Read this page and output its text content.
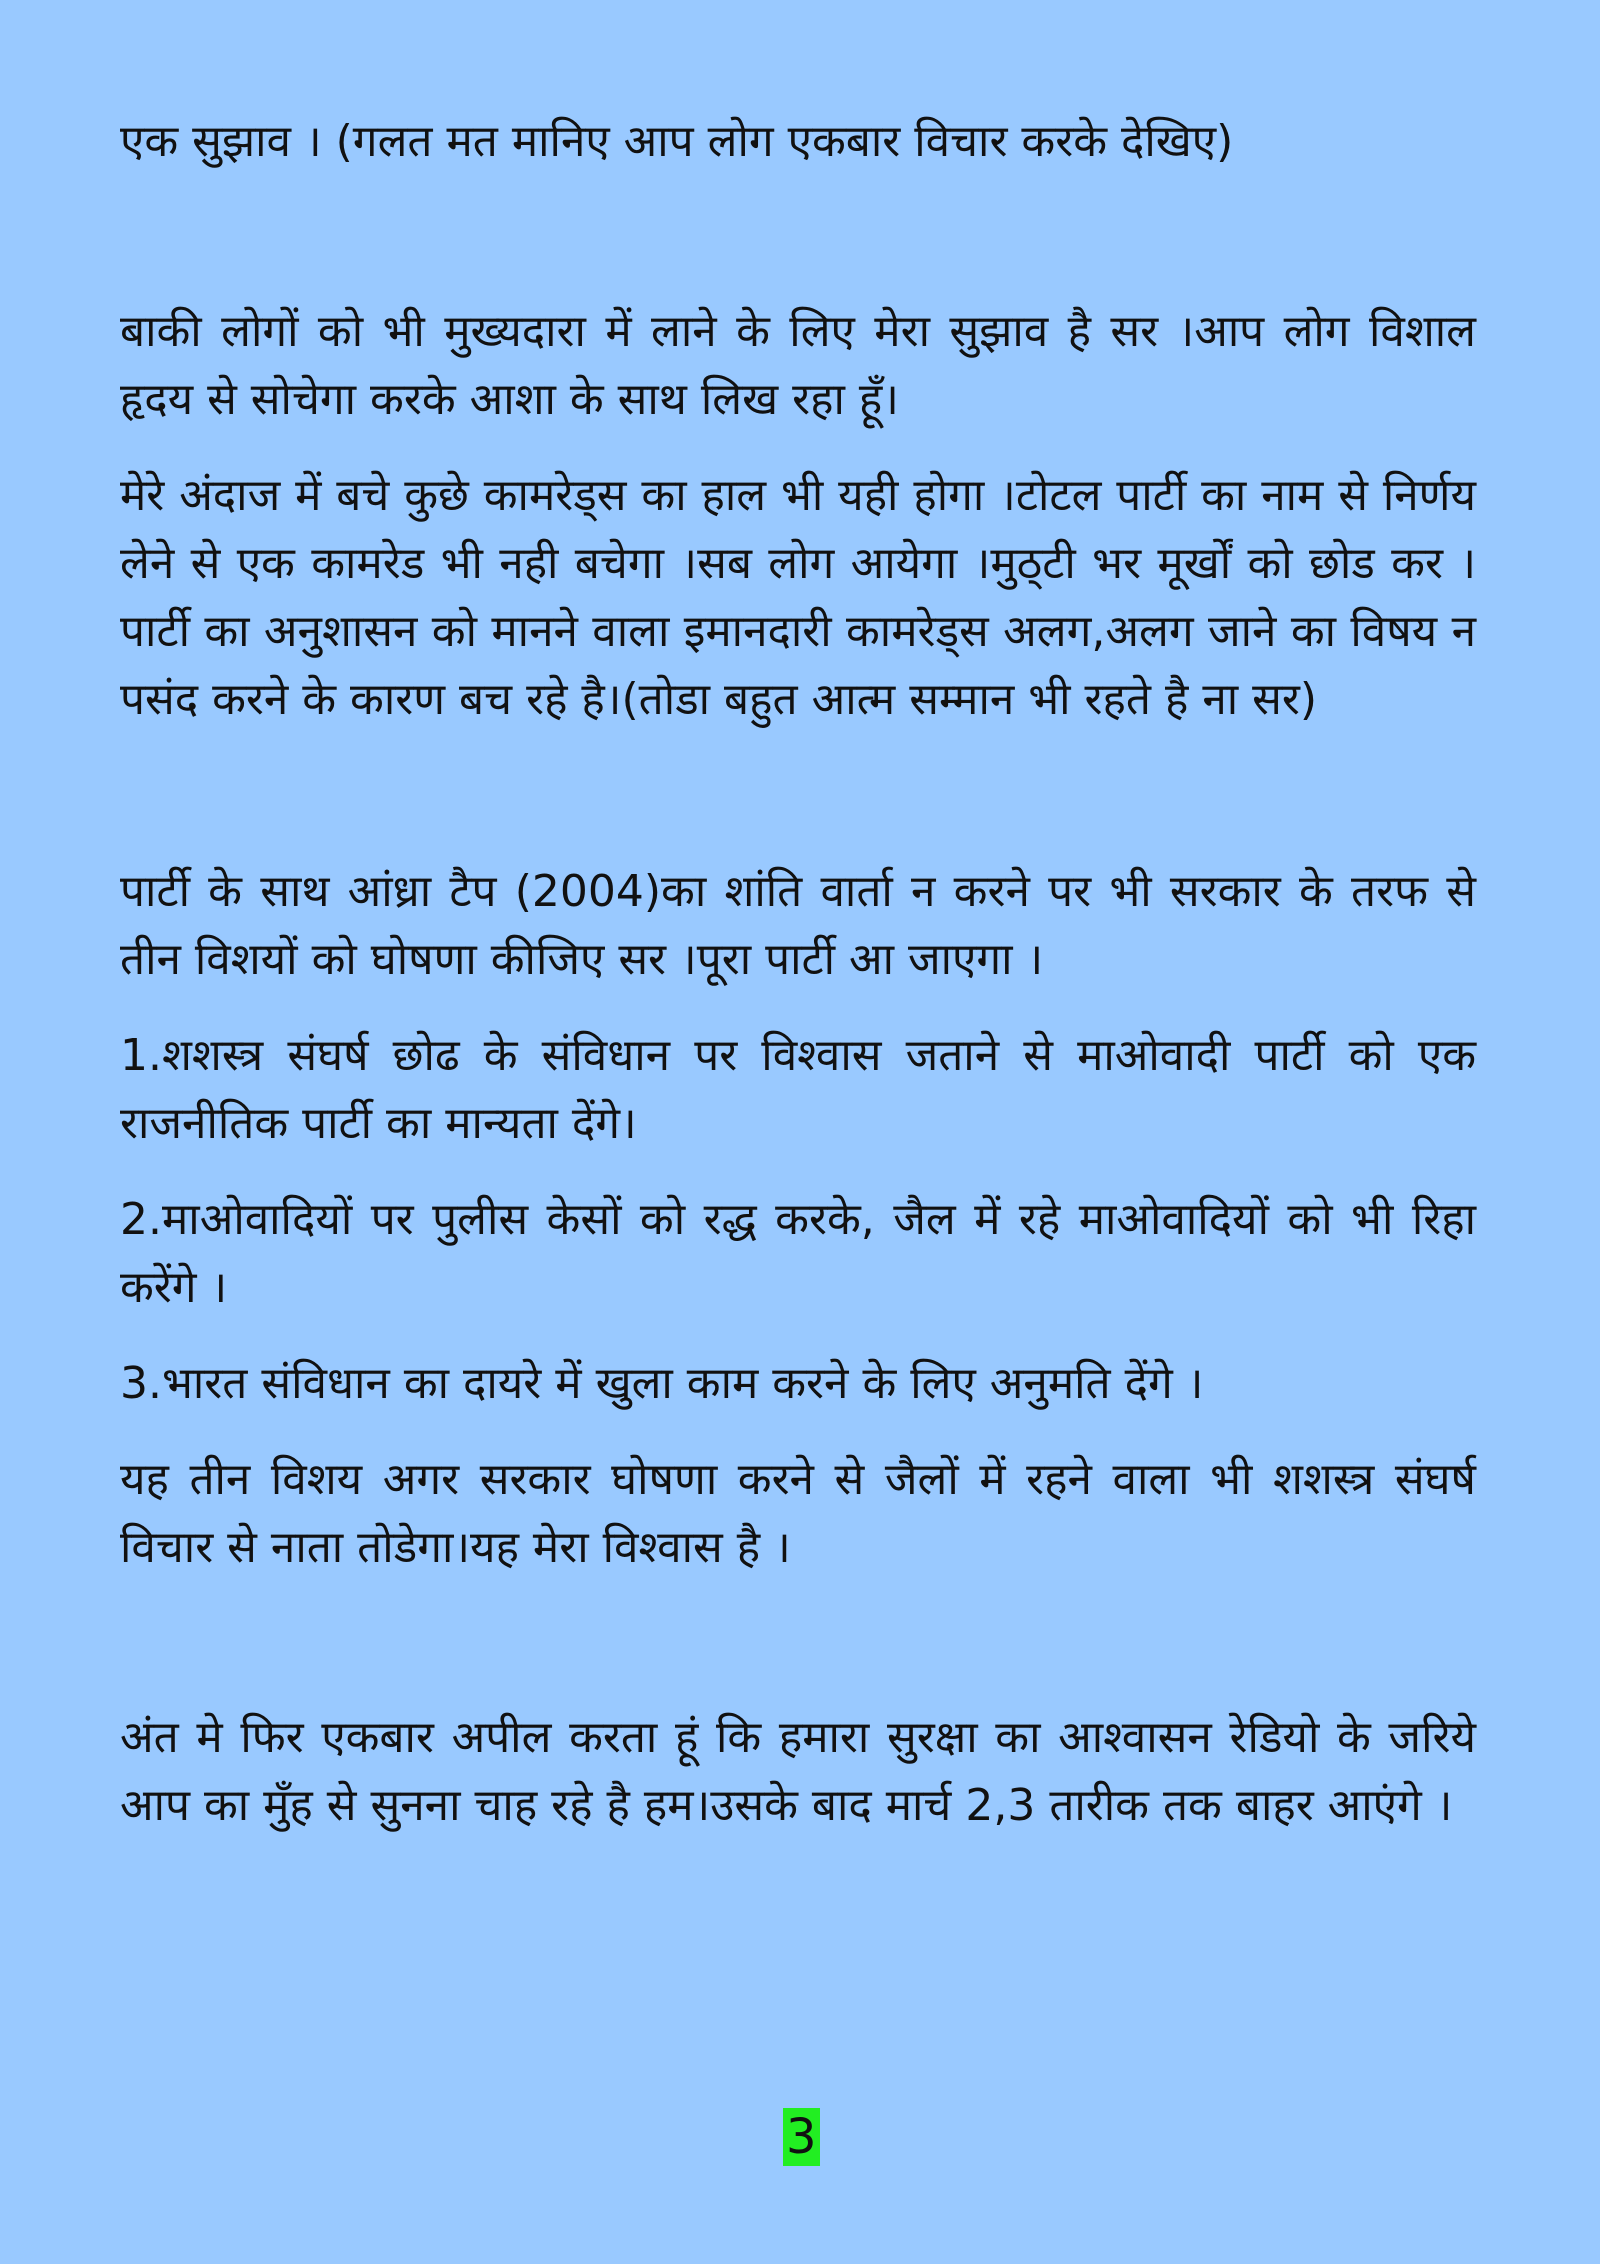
एक सुझाव । (गलत मत मानिए आप लोग एकबार विचार करके देखिए)

बाकी लोगों को भी मुख्यदारा में लाने के लिए मेरा सुझाव है सर ।आप लोग विशाल हृदय से सोचेगा करके आशा के साथ लिख रहा हूँ।

मेरे अंदाज में बचे कुछे कामरेड्स का हाल भी यही होगा ।टोटल पार्टी का नाम से निर्णय लेने से एक कामरेड भी नही बचेगा ।सब लोग आयेगा ।मुठ्टी भर मूर्खों को छोड कर ।पार्टी का अनुशासन को मानने वाला इमानदारी कामरेड्स अलग,अलग जाने का विषय न पसंद करने के कारण बच रहे है।(तोडा बहुत आत्म सम्मान भी रहते है ना सर)

पार्टी के साथ आंध्रा टैप (2004)का शांति वार्ता न करने पर भी सरकार के तरफ से तीन विशयों को घोषणा कीजिए सर ।पूरा पार्टी आ जाएगा ।

1.शशस्त्र संघर्ष छोढ के संविधान पर विश्वास जताने से माओवादी पार्टी को एक राजनीतिक पार्टी का मान्यता देंगे।

2.माओवादियों पर पुलीस केसों को रद्ध करके, जैल में रहे माओवादियों को भी रिहा करेंगे ।

3.भारत संविधान का दायरे में खुला काम करने के लिए अनुमति देंगे ।

यह तीन विशय अगर सरकार घोषणा करने से जैलों में रहने वाला भी शशस्त्र संघर्ष विचार से नाता तोडेगा।यह मेरा विश्वास है ।

अंत मे फिर एकबार अपील करता हूं कि हमारा सुरक्षा का आश्वासन रेडियो के जरिये आप का मुँह से सुनना चाह रहे है हम।उसके बाद मार्च 2,3 तारीक तक बाहर आएंगे ।

3
